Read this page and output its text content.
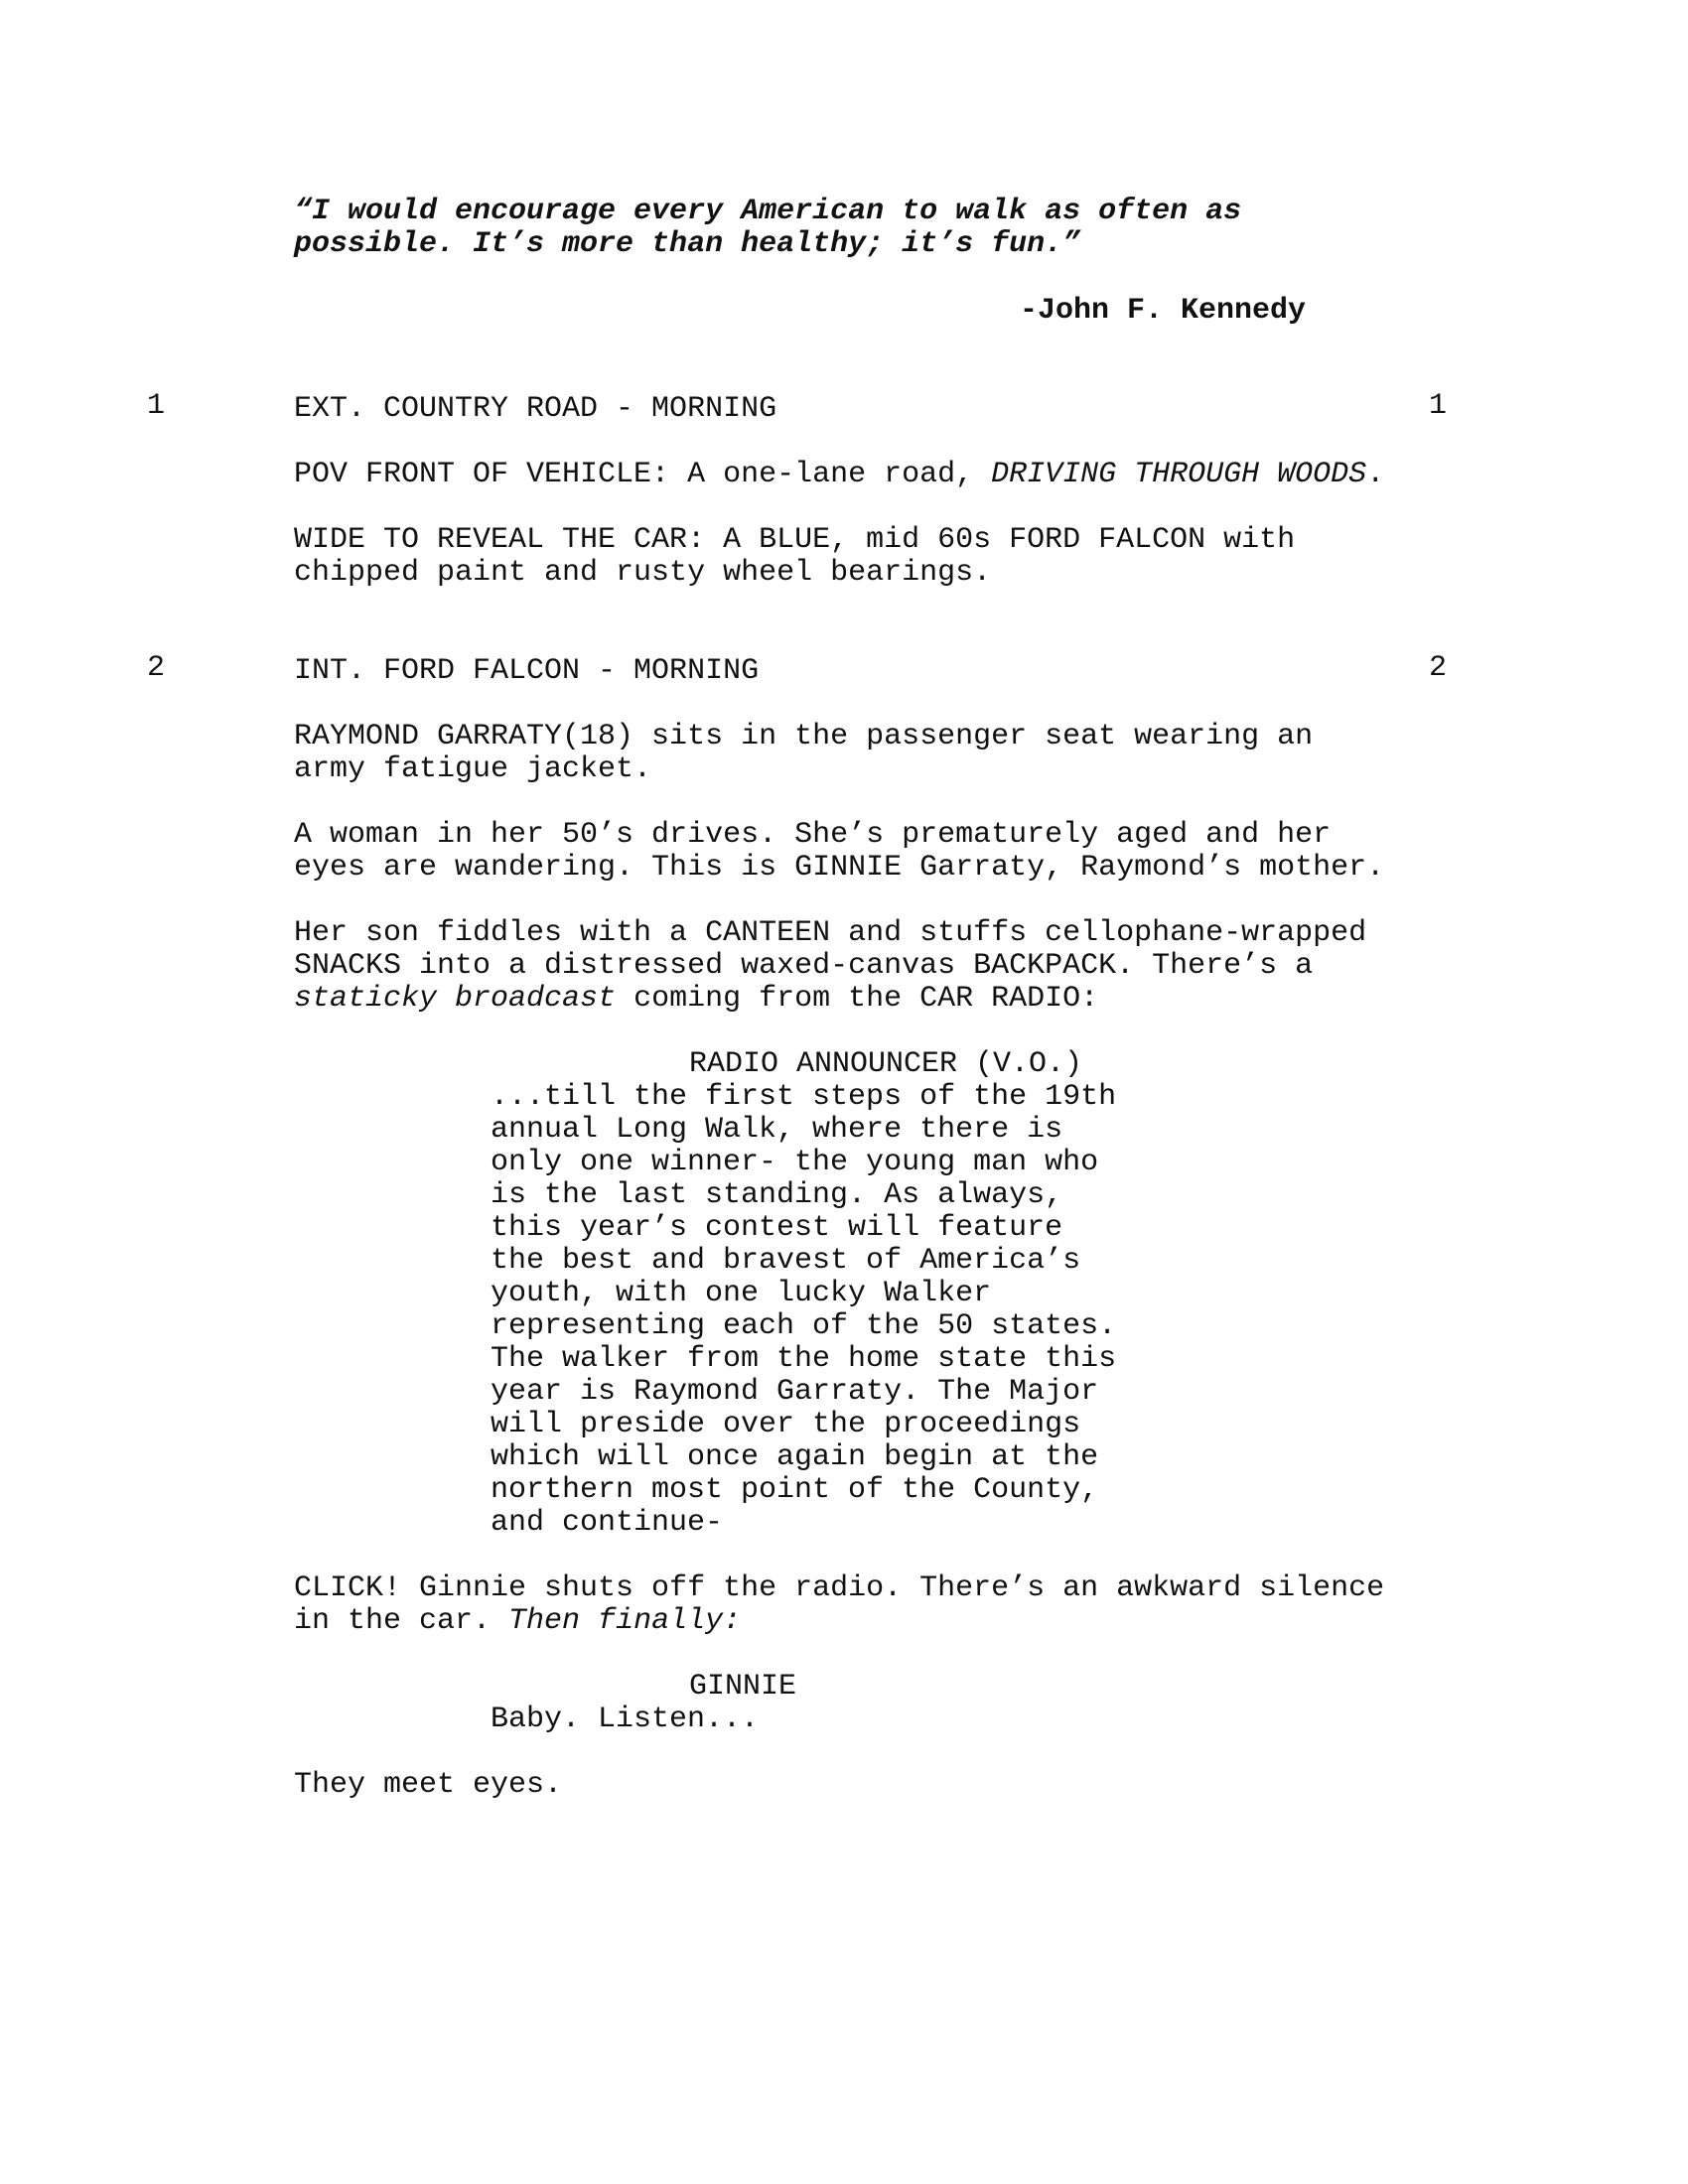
“I would encourage every American to walk as often as

possible. It’s more than healthy; it’s fun.”

-John F. Kennedy

1	EXT. COUNTRY ROAD - MORNING	1

POV FRONT OF VEHICLE: A one-lane road, DRIVING THROUGH WOODS.

WIDE TO REVEAL THE CAR: A BLUE, mid 60s FORD FALCON with

chipped paint and rusty wheel bearings.

2	INT. FORD FALCON - MORNING	2

RAYMOND GARRATY(18) sits in the passenger seat wearing an

army fatigue jacket.

A woman in her 50’s drives. She’s prematurely aged and her

eyes are wandering. This is GINNIE Garraty, Raymond’s mother.

Her son fiddles with a CANTEEN and stuffs cellophane-wrapped

SNACKS into a distressed waxed-canvas BACKPACK. There’s a

staticky broadcast coming from the CAR RADIO:

RADIO ANNOUNCER (V.O.)

...till the first steps of the 19th

annual Long Walk, where there is

only one winner- the young man who

is the last standing. As always,

this year’s contest will feature

the best and bravest of America’s

youth, with one lucky Walker

representing each of the 50 states.

The walker from the home state this

year is Raymond Garraty. The Major

will preside over the proceedings

which will once again begin at the

northern most point of the County,

and continue-

CLICK! Ginnie shuts off the radio. There’s an awkward silence

in the car. Then finally:

GINNIE

Baby. Listen...

They meet eyes.
